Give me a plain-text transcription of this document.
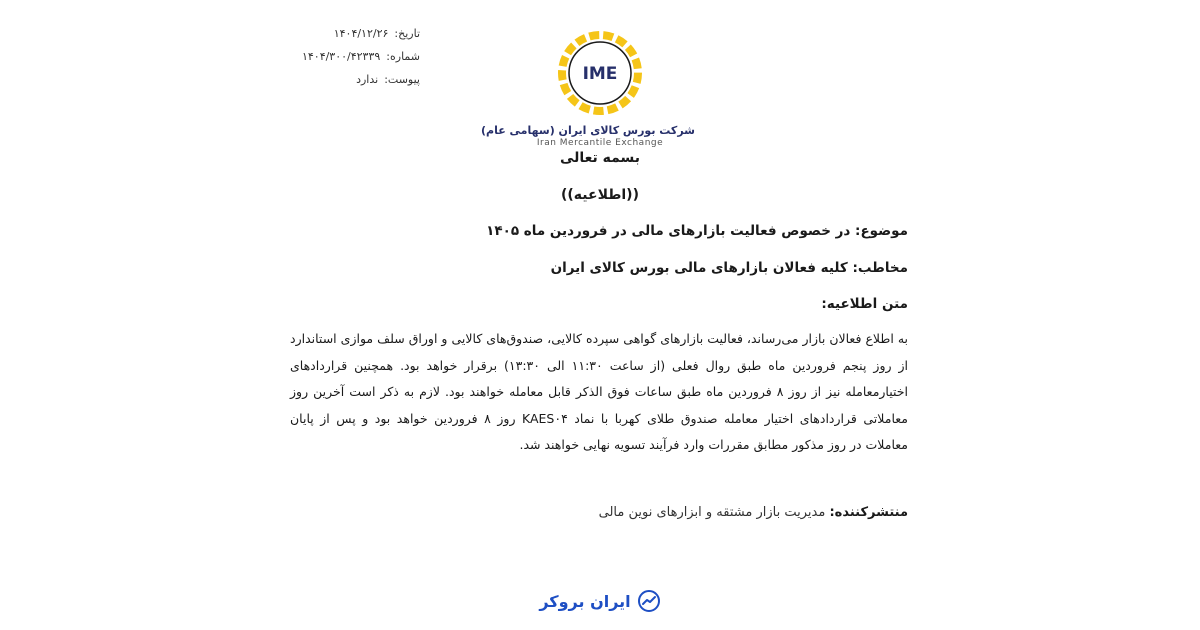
تاریخ:
۱۴۰۴/۱۲/۲۶
شماره:
۱۴۰۴/۳۰۰/۴۲۳۳۹
پیوست:
ندارد	IME
شرکت بورس کالای ایران (سهامی عام)
Iran Mercantile Exchange
بسمه تعالی
((اطلاعیه))
موضوع: در خصوص فعالیت بازارهای مالی در فروردین ماه ۱۴۰۵
مخاطب: کلیه فعالان بازارهای مالی بورس کالای ایران
متن اطلاعیه:
به اطلاع فعالان بازار می‌رساند، فعالیت بازارهای گواهی سپرده کالایی، صندوق‌های کالایی و اوراق سلف موازی استاندارد از روز پنجم فروردین ماه طبق روال فعلی (از ساعت ۱۱:۳۰ الی ۱۳:۳۰) برقرار خواهد بود. همچنین قراردادهای اختیارمعامله نیز از روز ۸ فروردین ماه طبق ساعات فوق الذکر قابل معامله خواهند بود. لازم به ذکر است آخرین روز معاملاتی قراردادهای اختیار معامله صندوق طلای کهربا با نماد KAES۰۴ روز ۸ فروردین خواهد بود و پس از پایان معاملات در روز مذکور مطابق مقررات وارد فرآیند تسویه نهایی خواهند شد.
منتشرکننده: مدیریت بازار مشتقه و ابزارهای نوین مالی
ایران بروکر
